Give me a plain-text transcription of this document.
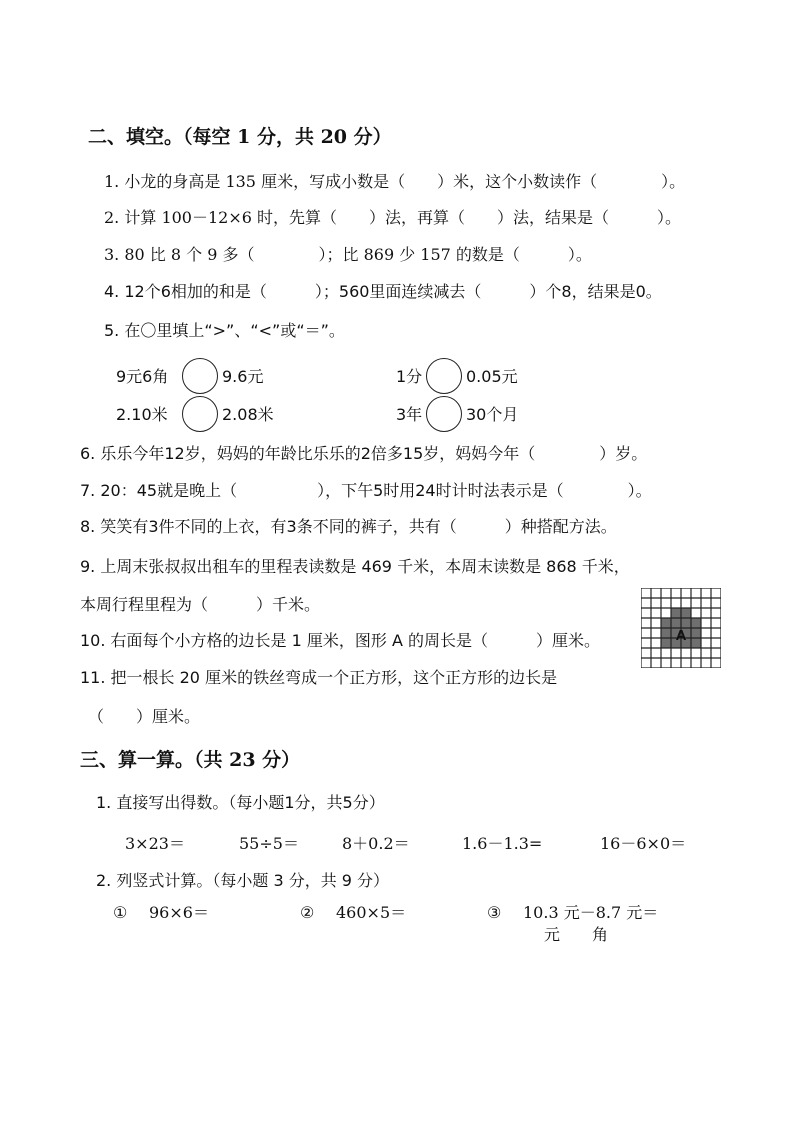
二、填空。（每空 1 分，共 20 分）
1. 小龙的身高是 135 厘米，写成小数是（　　）米，这个小数读作（　　　　）。
2. 计算 100－12×6 时，先算（　　）法，再算（　　）法，结果是（　　　）。
3. 80 比 8 个 9 多（　　　　）；比 869 少 157 的数是（　　　）。
4. 12个6相加的和是（　　　）；560里面连续减去（　　　）个8，结果是0。
5. 在〇里填上“>”、“<”或“＝”。
9元6角	9.6元	1分	0.05元
2.10米	2.08米	3年	30个月
6. 乐乐今年12岁，妈妈的年龄比乐乐的2倍多15岁，妈妈今年（　　　　）岁。
7. 20：45就是晚上（　　　　　），下午5时用24时计时法表示是（　　　　）。
8. 笑笑有3件不同的上衣，有3条不同的裤子，共有（　　　）种搭配方法。
9. 上周末张叔叔出租车的里程表读数是 469 千米，本周末读数是 868 千米，
本周行程里程为（　　　）千米。
10. 右面每个小方格的边长是 1 厘米，图形 A 的周长是（　　　）厘米。
11. 把一根长 20 厘米的铁丝弯成一个正方形，这个正方形的边长是
（　　）厘米。
A
三、算一算。（共 23 分）
1. 直接写出得数。（每小题1分，共5分）
3×23＝	55÷5＝	8＋0.2＝	1.6－1.3=	16－6×0＝
2. 列竖式计算。（每小题 3 分，共 9 分）
① 96×6＝	② 460×5＝	③ 10.3 元－8.7 元＝
元　　角
